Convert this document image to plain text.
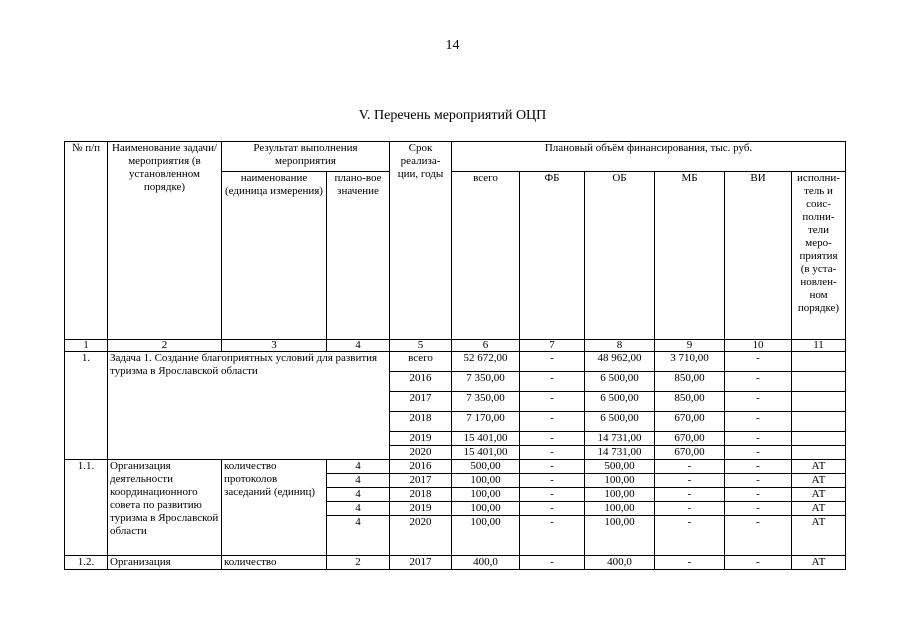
14
V. Перечень мероприятий ОЦП
№ п/п	Наименование задачи/ мероприятия (в установленном порядке)	Результат выполнения мероприятия		Срок реализа-ции, годы	Плановый объём финансирования, тыс. руб.					
		наименование (единица измерения)	плано-вое значение		всего	ФБ	ОБ	МБ	ВИ	исполни-тель и соис-полни-тели меро-приятия (в уста-новлен-ном порядке)
1	2	3	4	5	6	7	8	9	10	11
1.	Задача 1. Создание благоприятных условий для развития туризма в Ярославской области			всего	52 672,00	-	48 962,00	3 710,00	-	
				2016	7 350,00	-	6 500,00	850,00	-	
				2017	7 350,00	-	6 500,00	850,00	-	
				2018	7 170,00	-	6 500,00	670,00	-	
				2019	15 401,00	-	14 731,00	670,00	-	
				2020	15 401,00	-	14 731,00	670,00	-	
1.1.	Организация деятельности координационного совета по развитию туризма в Ярославской области	количество протоколов заседаний (единиц)	4	2016	500,00	-	500,00	-	-	АТ
			4	2017	100,00	-	100,00	-	-	АТ
			4	2018	100,00	-	100,00	-	-	АТ
			4	2019	100,00	-	100,00	-	-	АТ
			4	2020	100,00	-	100,00	-	-	АТ
1.2.	Организация	количество	2	2017	400,0	-	400,0	-	-	АТ
